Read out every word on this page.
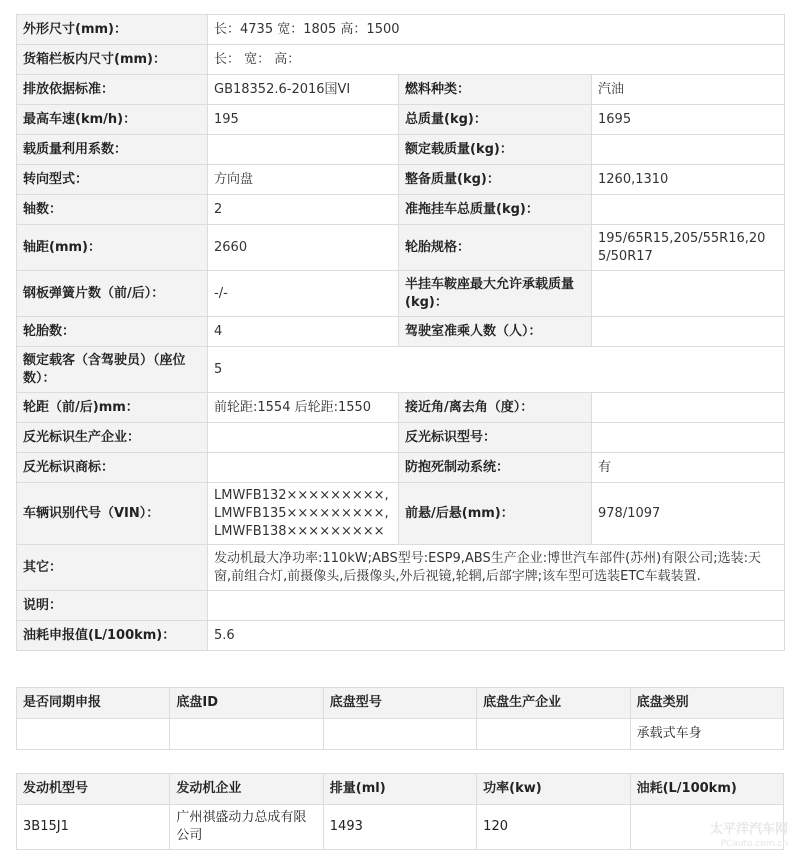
外形尺寸(mm)：	长：4735 宽：1805 高：1500		
货箱栏板内尺寸(mm)：	长： 宽： 高：		
排放依据标准：	GB18352.6-2016国VI	燃料种类：	汽油
最高车速(km/h)：	195	总质量(kg)：	1695
载质量利用系数：		额定载质量(kg)：	
转向型式：	方向盘	整备质量(kg)：	1260,1310
轴数：	2	准拖挂车总质量(kg)：	
轴距(mm)：	2660	轮胎规格：	195/65R15,205/55R16,205/50R17
钢板弹簧片数（前/后）：	-/-	半挂车鞍座最大允许承载质量(kg)：	
轮胎数：	4	驾驶室准乘人数（人）：	
额定载客（含驾驶员）（座位数）：	5		
轮距（前/后)mm：	前轮距:1554 后轮距:1550	接近角/离去角（度）：	
反光标识生产企业：		反光标识型号：	
反光标识商标：		防抱死制动系统：	有
车辆识别代号（VIN）：	LMWFB132×××××××××,
LMWFB135×××××××××,
LMWFB138×××××××××	前悬/后悬(mm)：	978/1097
其它：	发动机最大净功率:110kW;ABS型号:ESP9,ABS生产企业:博世汽车部件(苏州)有限公司;选装:天窗,前组合灯,前摄像头,后摄像头,外后视镜,轮辋,后部字牌;该车型可选装ETC车载装置.		
说明：			
油耗申报值(L/100km)：	5.6		
是否同期申报	底盘ID	底盘型号	底盘生产企业	底盘类别
				承载式车身
发动机型号	发动机企业	排量(ml)	功率(kw)	油耗(L/100km)
3B15J1	广州祺盛动力总成有限公司	1493	120		太平洋汽车网
PCauto.com.cn
